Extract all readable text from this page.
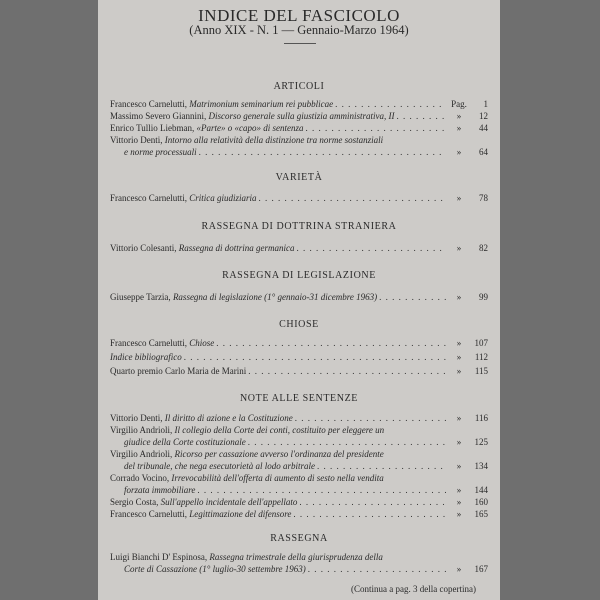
INDICE DEL FASCICOLO
(Anno XIX - N. 1 — Gennaio-Marzo 1964)
ARTICOLI
Francesco Carnelutti, Matrimonium seminarium rei pubblicae . . .	Pag.	1
Massimo Severo Giannini, Discorso generale sulla giustizia amministrativa, II . . .	»	12
Enrico Tullio Liebman, «Parte» o «capo» di sentenza . . .	»	44
Vittorio Denti, Intorno alla relatività della distinzione tra norme sostanziali
e norme processuali . . .	»	64
VARIETÀ
Francesco Carnelutti, Critica giudiziaria . . .	»	78
RASSEGNA DI DOTTRINA STRANIERA
Vittorio Colesanti, Rassegna di dottrina germanica . . .	»	82
RASSEGNA DI LEGISLAZIONE
Giuseppe Tarzia, Rassegna di legislazione (1° gennaio-31 dicembre 1963) . . .	»	99
CHIOSE
Francesco Carnelutti, Chiose . . .	»	107
Indice bibliografico . . .	»	112
Quarto premio Carlo Maria de Marini . . .	»	115
NOTE ALLE SENTENZE
Vittorio Denti, Il diritto di azione e la Costituzione . . .	»	116
Virgilio Andrioli, Il collegio della Corte dei conti, costituito per eleggere un
giudice della Corte costituzionale . . .	»	125
Virgilio Andrioli, Ricorso per cassazione avverso l'ordinanza del presidente
del tribunale, che nega esecutorietà al lodo arbitrale . . .	»	134
Corrado Vocino, Irrevocabilità dell'offerta di aumento di sesto nella vendita
forzata immobiliare . . .	»	144
Sergio Costa, Sull'appello incidentale dell'appellato . . .	»	160
Francesco Carnelutti, Legittimazione del difensore . . .	»	165
RASSEGNA
Luigi Bianchi D' Espinosa, Rassegna trimestrale della giurisprudenza della
Corte di Cassazione (1° luglio-30 settembre 1963) . . .	»	167
(Continua a pag. 3 della copertina)
